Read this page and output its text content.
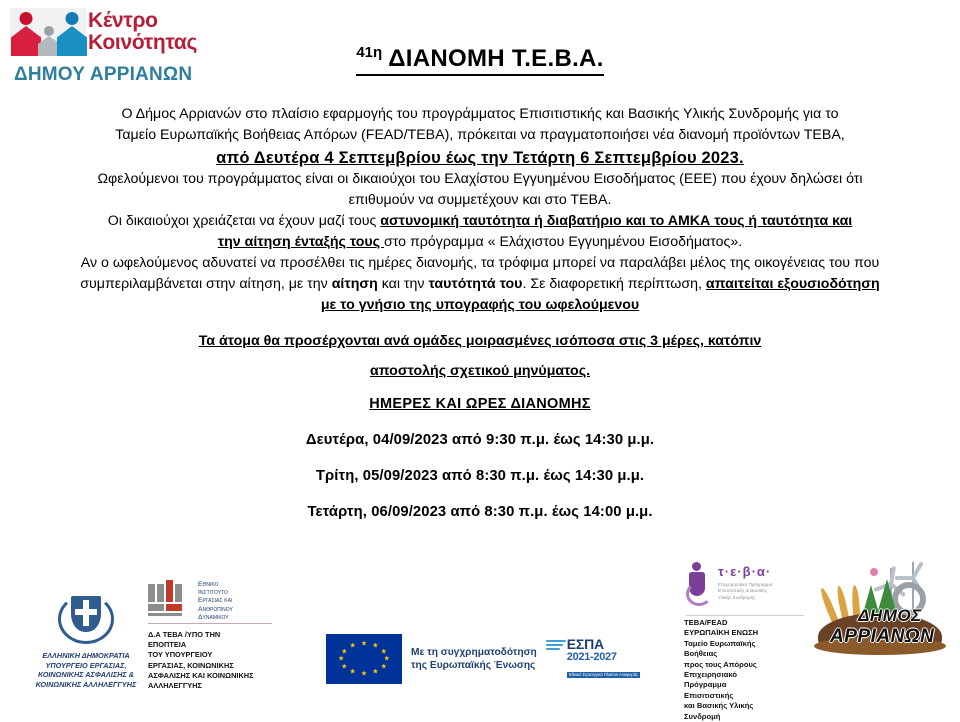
Κέντρο
Κοινότητας
ΔΗΜΟΥ ΑΡΡΙΑΝΩΝ
41η ΔΙΑΝΟΜΗ Τ.Ε.Β.Α.

Ο Δήμος Αρριανών στο πλαίσιο εφαρμογής του προγράμματος Επισιτιστικής και Βασικής Υλικής Συνδρομής για το

Ταμείο Ευρωπαϊκής Βοήθειας Απόρων (FEAD/TEBA), πρόκειται να πραγματοποιήσει νέα διανομή προϊόντων ΤΕΒΑ,

από Δευτέρα 4 Σεπτεμβρίου έως την Τετάρτη 6 Σεπτεμβρίου 2023.

Ωφελούμενοι του προγράμματος είναι οι δικαιούχοι του Ελαχίστου Εγγυημένου Εισοδήματος (ΕΕΕ) που έχουν δηλώσει ότι

επιθυμούν να συμμετέχουν και στο ΤΕΒΑ.

Οι δικαιούχοι χρειάζεται να έχουν μαζί τους αστυνομική ταυτότητα ή διαβατήριο και το ΑΜΚΑ τους ή ταυτότητα και

την αίτηση ένταξής τους στο πρόγραμμα « Ελάχιστου Εγγυημένου Εισοδήματος».

Αν ο ωφελούμενος αδυνατεί να προσέλθει τις ημέρες διανομής, τα τρόφιμα μπορεί να παραλάβει μέλος της οικογένειας του που

συμπεριλαμβάνεται στην αίτηση, με την αίτηση και την ταυτότητά του. Σε διαφορετική περίπτωση, απαιτείται εξουσιοδότηση

με το γνήσιο της υπογραφής του ωφελούμενου

Τα άτομα θα προσέρχονται ανά ομάδες μοιρασμένες ισόποσα στις 3 μέρες, κατόπιν
αποστολής σχετικού μηνύματος.
ΗΜΕΡΕΣ ΚΑΙ ΩΡΕΣ ΔΙΑΝΟΜΗΣ
Δευτέρα, 04/09/2023 από 9:30 π.μ. έως 14:30 μ.μ.
Τρίτη, 05/09/2023 από 8:30 π.μ. έως 14:30 μ.μ.
Τετάρτη, 06/09/2023 από 8:30 π.μ. έως 14:00 μ.μ.
ΕΛΛΗΝΙΚΗ ΔΗΜΟΚΡΑΤΙΑ
ΥΠΟΥΡΓΕΙΟ ΕΡΓΑΣΙΑΣ,
ΚΟΙΝΩΝΙΚΗΣ ΑΣΦΑΛΙΣΗΣ &
ΚΟΙΝΩΝΙΚΗΣ ΑΛΛΗΛΕΓΓΥΗΣ
Εθνικο
Ινστιτουτο
Εργασιασ και
Ανθρωπινου
Δυναμικου
Δ.Α ΤΕΒΑ /ΥΠΟ ΤΗΝ
ΕΠΟΠΤΕΙΑ
ΤΟΥ ΥΠΟΥΡΓΕΙΟΥ
ΕΡΓΑΣΙΑΣ, ΚΟΙΝΩΝΙΚΗΣ
ΑΣΦΑΛΙΣΗΣ ΚΑΙ ΚΟΙΝΩΝΙΚΗΣ
ΑΛΛΗΛΕΓΓΥΗΣ
★ ★
★
★
★
★
★
★
★
★
★
★
Με τη συγχρηματοδότηση
της Ευρωπαϊκής Ένωσης
ΕΣΠΑ
2021-2027
Εθνικό Στρατηγικό Πλαίσιο Αναφοράς
τ·ε·β·α·
Επιχειρησιακό Πρόγραμμα
Επισιτιστικής & Βασικής
Υλικής Συνδρομής
ΤΕΒΑ/FEAD
ΕΥΡΩΠΑΪΚΗ ΕΝΩΣΗ
Ταμείο Ευρωπαϊκής
Βοήθειας
προς τους Απόρους
Επιχειρησιακό
Πρόγραμμα
Επισιτιστικής
και Βασικής Υλικής
Συνδρομή
ΔΗΜΟΣ
ΑΡΡΙΑΝΩΝ
